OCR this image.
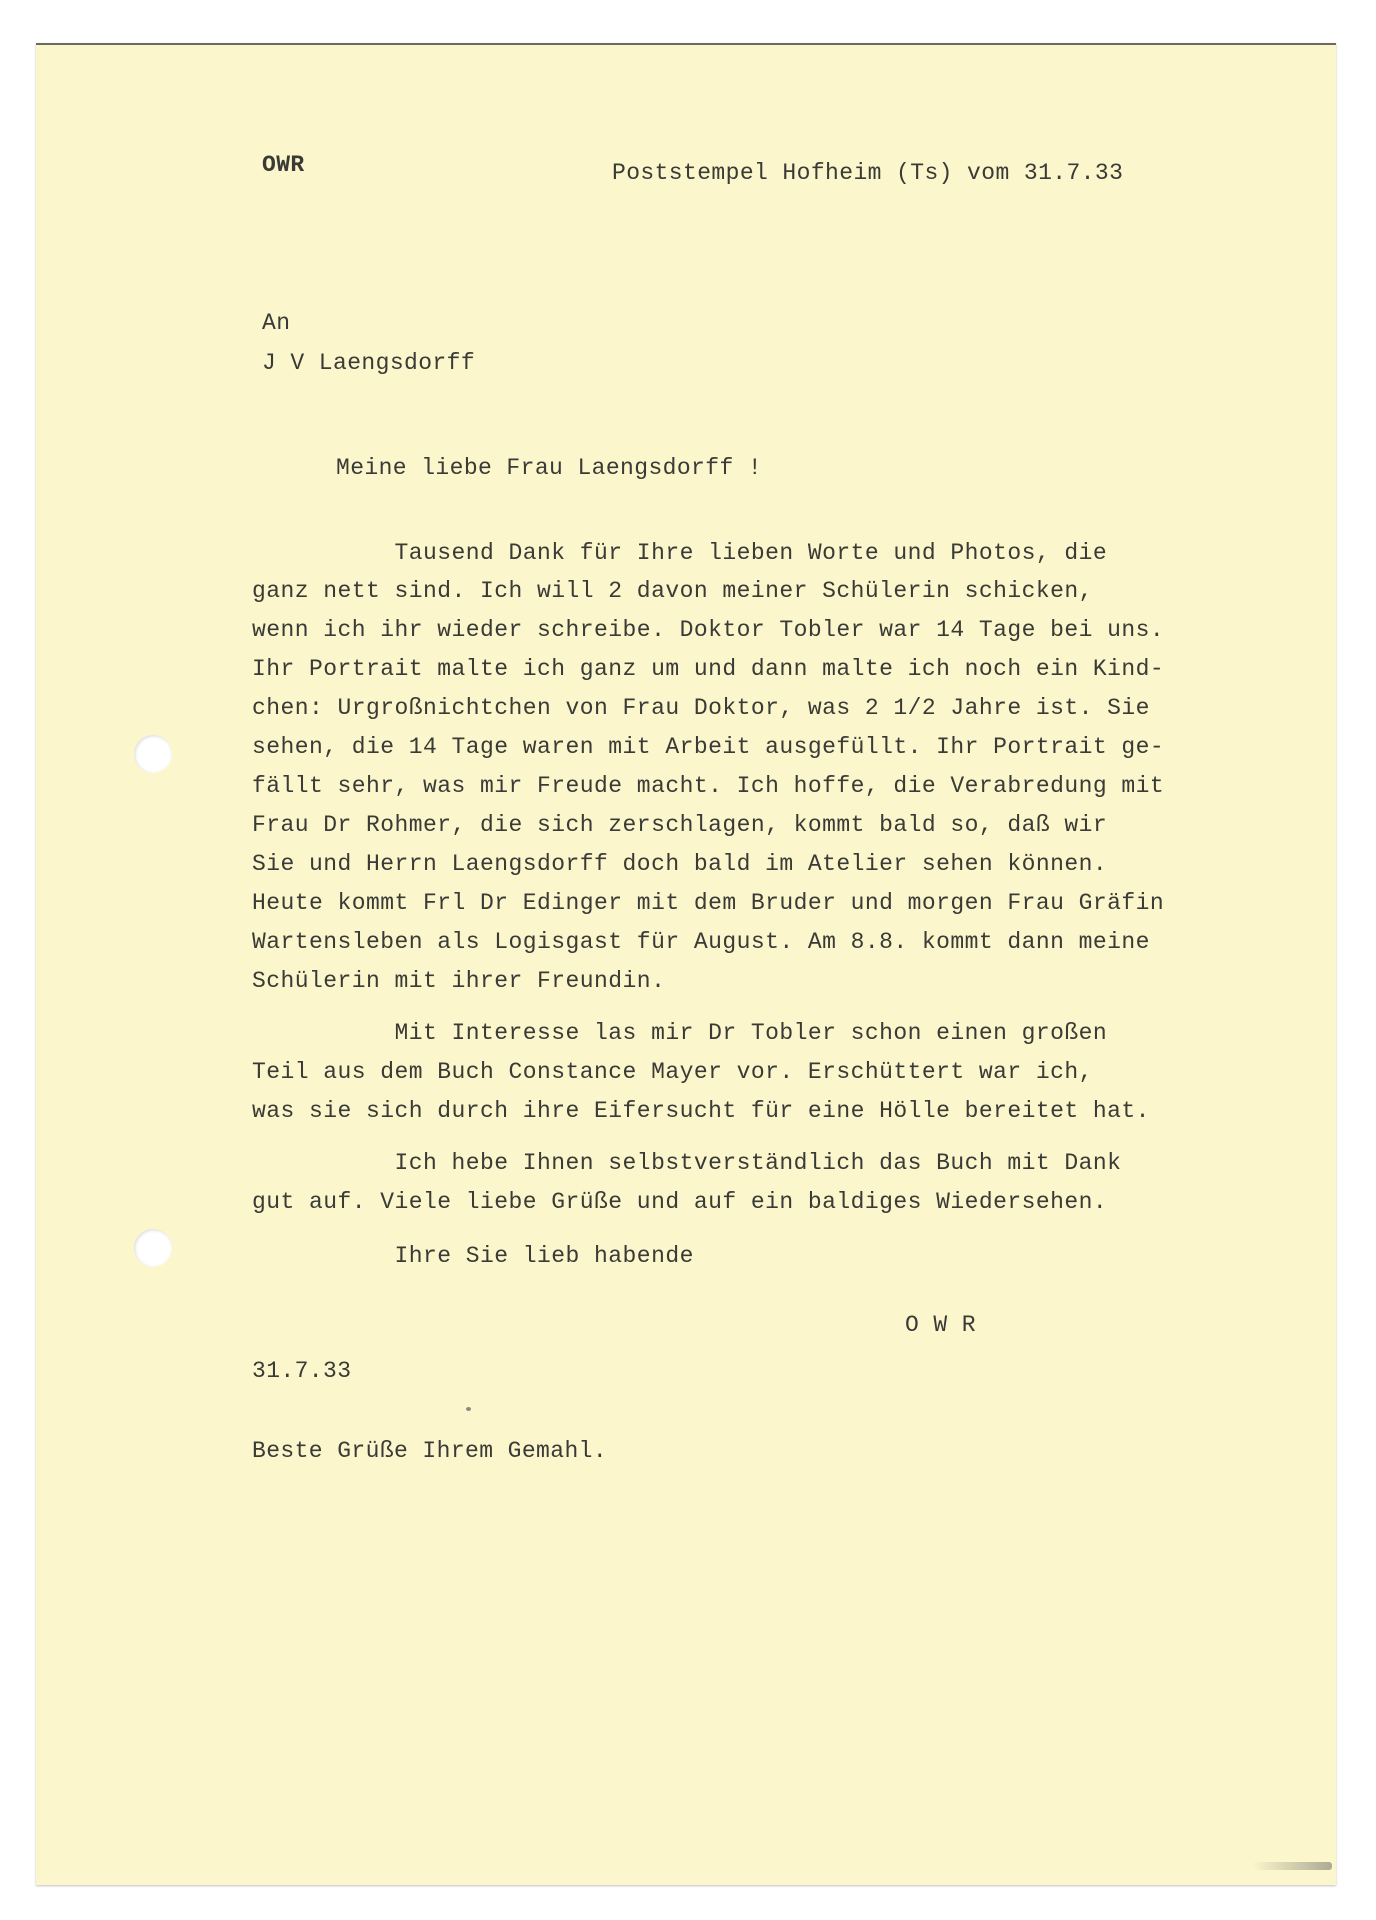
OWR	Poststempel Hofheim (Ts) vom 31.7.33
An
J V Laengsdorff
Meine liebe Frau Laengsdorff !
Tausend Dank für Ihre lieben Worte und Photos, die
ganz nett sind. Ich will 2 davon meiner Schülerin schicken,
wenn ich ihr wieder schreibe. Doktor Tobler war 14 Tage bei uns.
Ihr Portrait malte ich ganz um und dann malte ich noch ein Kind-
chen: Urgroßnichtchen von Frau Doktor, was 2 1/2 Jahre ist. Sie
sehen, die 14 Tage waren mit Arbeit ausgefüllt. Ihr Portrait ge-
fällt sehr, was mir Freude macht. Ich hoffe, die Verabredung mit
Frau Dr Rohmer, die sich zerschlagen, kommt bald so, daß wir
Sie und Herrn Laengsdorff doch bald im Atelier sehen können.
Heute kommt Frl Dr Edinger mit dem Bruder und morgen Frau Gräfin
Wartensleben als Logisgast für August. Am 8.8. kommt dann meine
Schülerin mit ihrer Freundin.
Mit Interesse las mir Dr Tobler schon einen großen
Teil aus dem Buch Constance Mayer vor. Erschüttert war ich,
was sie sich durch ihre Eifersucht für eine Hölle bereitet hat.
Ich hebe Ihnen selbstverständlich das Buch mit Dank
gut auf. Viele liebe Grüße und auf ein baldiges Wiedersehen.
Ihre Sie lieb habende
O W R
31.7.33
Beste Grüße Ihrem Gemahl.
